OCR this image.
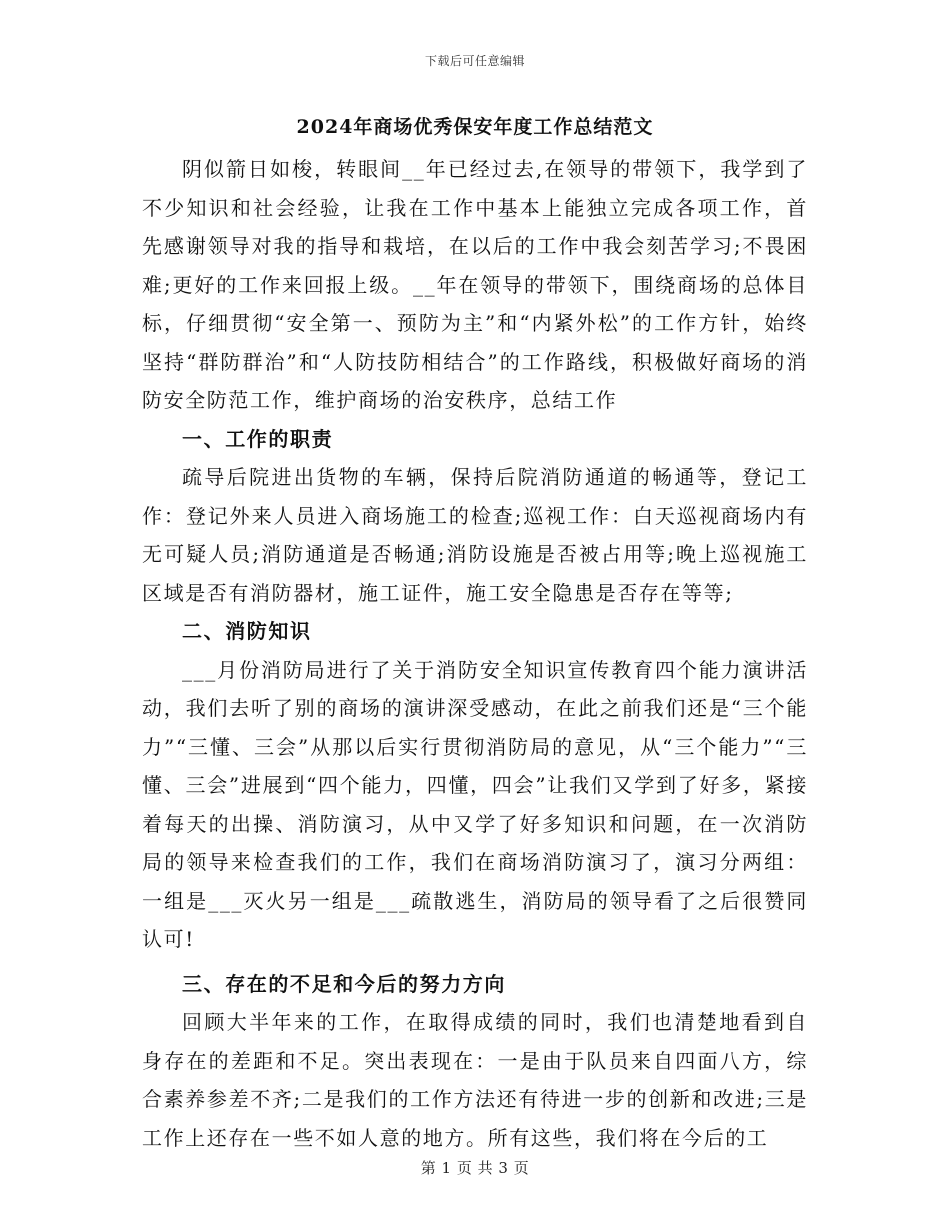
下载后可任意编辑
2024年商场优秀保安年度工作总结范文

阴似箭日如梭，转眼间__年已经过去,在领导的带领下，我学到了不少知识和社会经验，让我在工作中基本上能独立完成各项工作，首先感谢领导对我的指导和栽培，在以后的工作中我会刻苦学习;不畏困难;更好的工作来回报上级。__年在领导的带领下，围绕商场的总体目标，仔细贯彻“安全第一、预防为主”和“内紧外松”的工作方针，始终坚持“群防群治”和“人防技防相结合”的工作路线，积极做好商场的消防安全防范工作，维护商场的治安秩序，总结工作

一、工作的职责

疏导后院进出货物的车辆，保持后院消防通道的畅通等，登记工作：登记外来人员进入商场施工的检查;巡视工作：白天巡视商场内有无可疑人员;消防通道是否畅通;消防设施是否被占用等;晚上巡视施工区域是否有消防器材，施工证件，施工安全隐患是否存在等等;

二、消防知识

___月份消防局进行了关于消防安全知识宣传教育四个能力演讲活动，我们去听了别的商场的演讲深受感动，在此之前我们还是“三个能力”“三懂、三会”从那以后实行贯彻消防局的意见，从“三个能力”“三懂、三会”进展到“四个能力，四懂，四会”让我们又学到了好多，紧接着每天的出操、消防演习，从中又学了好多知识和问题，在一次消防局的领导来检查我们的工作，我们在商场消防演习了，演习分两组：一组是___灭火另一组是___疏散逃生，消防局的领导看了之后很赞同认可!

三、存在的不足和今后的努力方向

回顾大半年来的工作，在取得成绩的同时，我们也清楚地看到自身存在的差距和不足。突出表现在：一是由于队员来自四面八方，综合素养参差不齐;二是我们的工作方法还有待进一步的创新和改进;三是工作上还存在一些不如人意的地方。所有这些，我们将在今后的工

第 1 页 共 3 页
